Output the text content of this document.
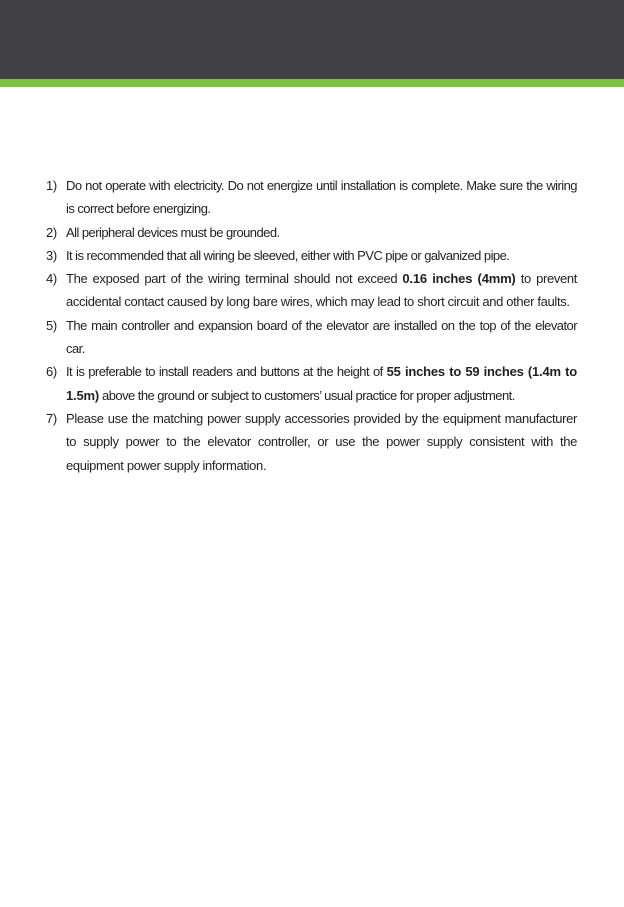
1) Do not operate with electricity. Do not energize until installation is complete. Make sure the wiring is correct before energizing.
2) All peripheral devices must be grounded.
3) It is recommended that all wiring be sleeved, either with PVC pipe or galvanized pipe.
4) The exposed part of the wiring terminal should not exceed 0.16 inches (4mm) to prevent accidental contact caused by long bare wires, which may lead to short circuit and other faults.
5) The main controller and expansion board of the elevator are installed on the top of the elevator car.
6) It is preferable to install readers and buttons at the height of 55 inches to 59 inches (1.4m to 1.5m) above the ground or subject to customers’ usual practice for proper adjustment.
7) Please use the matching power supply accessories provided by the equipment manufacturer to supply power to the elevator controller, or use the power supply consistent with the equipment power supply information.
